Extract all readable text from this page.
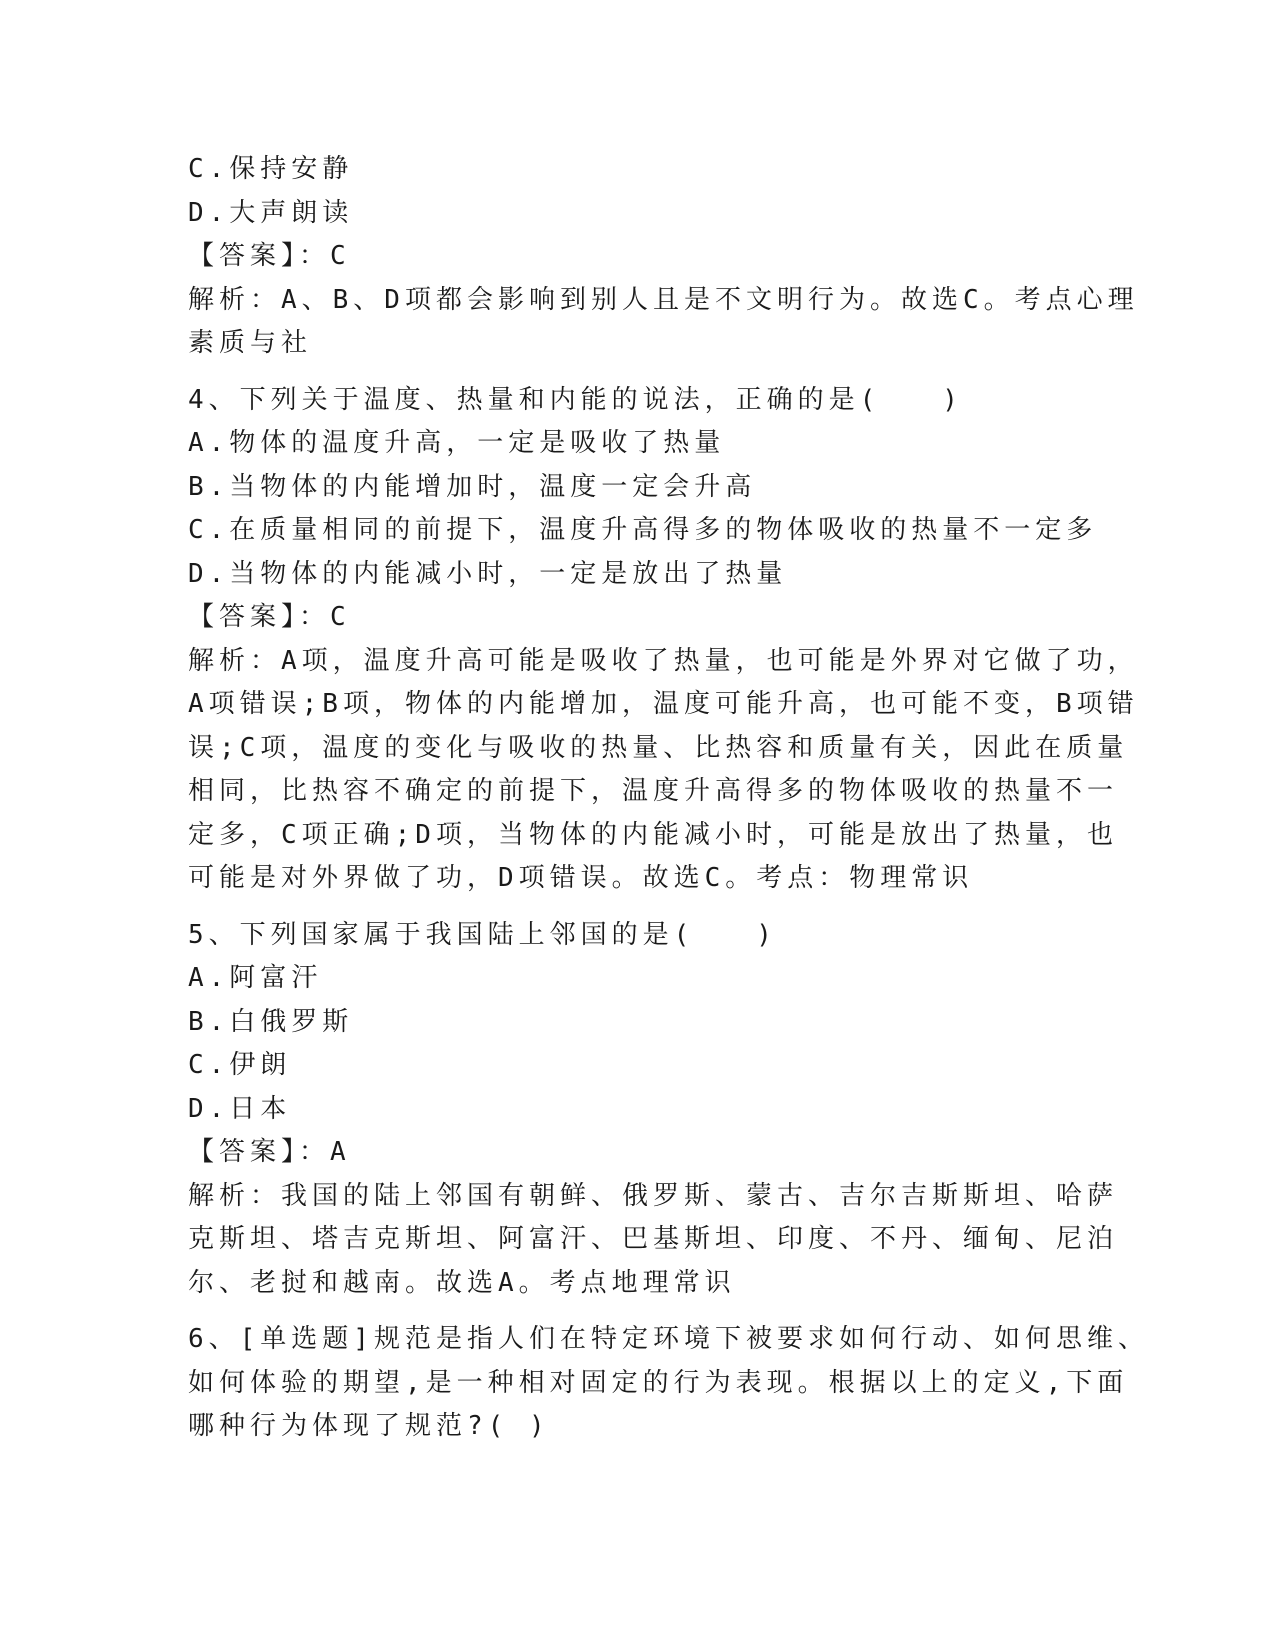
C.保持安静
D.大声朗读
【答案】：C
解析：A、B、D项都会影响到别人且是不文明行为。故选C。考点心理
素质与社
4、下列关于温度、热量和内能的说法，正确的是(　　)
A.物体的温度升高，一定是吸收了热量
B.当物体的内能增加时，温度一定会升高
C.在质量相同的前提下，温度升高得多的物体吸收的热量不一定多
D.当物体的内能减小时，一定是放出了热量
【答案】：C
解析：A项，温度升高可能是吸收了热量，也可能是外界对它做了功，
A项错误;B项，物体的内能增加，温度可能升高，也可能不变，B项错
误;C项，温度的变化与吸收的热量、比热容和质量有关，因此在质量
相同，比热容不确定的前提下，温度升高得多的物体吸收的热量不一
定多，C项正确;D项，当物体的内能减小时，可能是放出了热量，也
可能是对外界做了功，D项错误。故选C。考点：物理常识
5、下列国家属于我国陆上邻国的是(　　)
A.阿富汗
B.白俄罗斯
C.伊朗
D.日本
【答案】：A
解析：我国的陆上邻国有朝鲜、俄罗斯、蒙古、吉尔吉斯斯坦、哈萨
克斯坦、塔吉克斯坦、阿富汗、巴基斯坦、印度、不丹、缅甸、尼泊
尔、老挝和越南。故选A。考点地理常识
6、[单选题]规范是指人们在特定环境下被要求如何行动、如何思维、
如何体验的期望,是一种相对固定的行为表现。根据以上的定义,下面
哪种行为体现了规范?( )
